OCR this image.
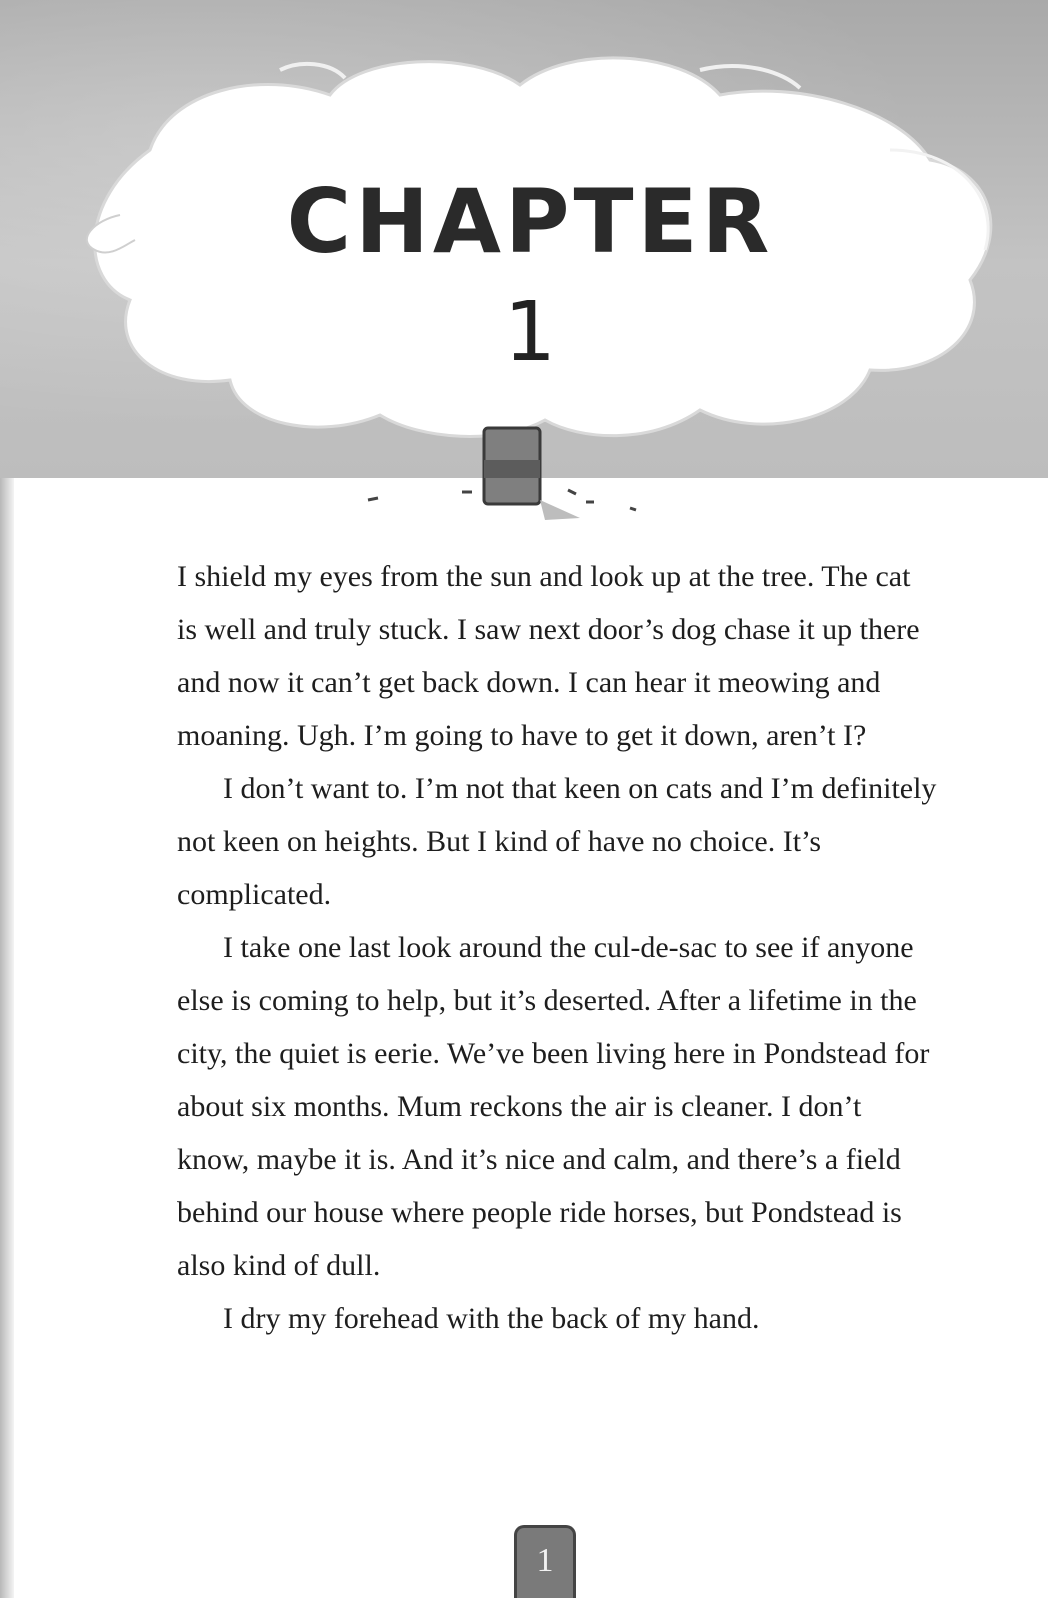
CHAPTER
1

I shield my eyes from the sun and look up at the tree. The cat is well and truly stuck. I saw next door’s dog chase it up there and now it can’t get back down. I can hear it meowing and moaning. Ugh. I’m going to have to get it down, aren’t I?

I don’t want to. I’m not that keen on cats and I’m definitely not keen on heights. But I kind of have no choice. It’s complicated.

I take one last look around the cul-de-sac to see if anyone else is coming to help, but it’s deserted. After a lifetime in the city, the quiet is eerie. We’ve been living here in Pondstead for about six months. Mum reckons the air is cleaner. I don’t know, maybe it is. And it’s nice and calm, and there’s a field behind our house where people ride horses, but Pondstead is also kind of dull.

I dry my forehead with the back of my hand.

1
